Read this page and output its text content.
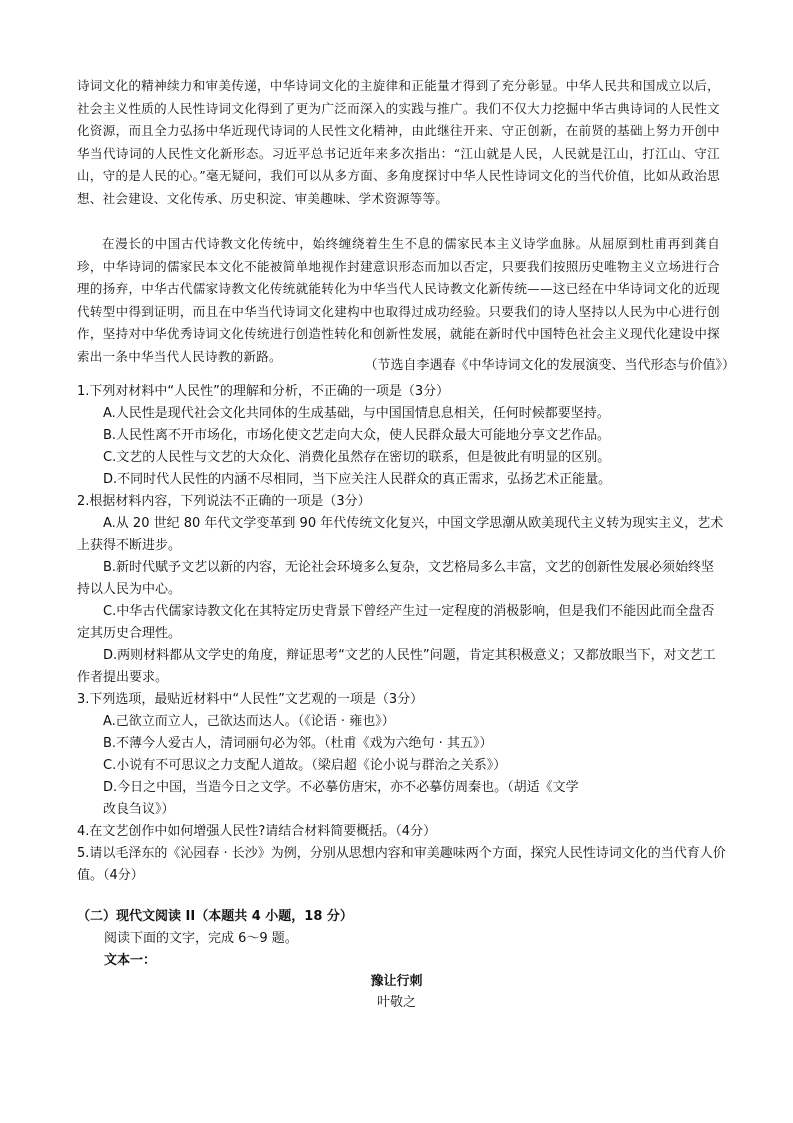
诗词文化的精神续力和审美传递，中华诗词文化的主旋律和正能量才得到了充分彰显。中华人民共和国成立以后，社会主义性质的人民性诗词文化得到了更为广泛而深入的实践与推广。我们不仅大力挖掘中华古典诗词的人民性文化资源，而且全力弘扬中华近现代诗词的人民性文化精神，由此继往开来、守正创新，在前贤的基础上努力开创中华当代诗词的人民性文化新形态。习近平总书记近年来多次指出：“江山就是人民，人民就是江山，打江山、守江山，守的是人民的心。”毫无疑问，我们可以从多方面、多角度探讨中华人民性诗词文化的当代价值，比如从政治思想、社会建设、文化传承、历史积淀、审美趣味、学术资源等等。

在漫长的中国古代诗教文化传统中，始终缠绕着生生不息的儒家民本主义诗学血脉。从屈原到杜甫再到龚自珍，中华诗词的儒家民本文化不能被简单地视作封建意识形态而加以否定，只要我们按照历史唯物主义立场进行合理的扬弃，中华古代儒家诗教文化传统就能转化为中华当代人民诗教文化新传统——这已经在中华诗词文化的近现代转型中得到证明，而且在中华当代诗词文化建构中也取得过成功经验。只要我们的诗人坚持以人民为中心进行创作，坚持对中华优秀诗词文化传统进行创造性转化和创新性发展，就能在新时代中国特色社会主义现代化建设中探索出一条中华当代人民诗教的新路。

（节选自李遇春《中华诗词文化的发展演变、当代形态与价值》）

1.下列对材料中“人民性”的理解和分析，不正确的一项是（3分）

A.人民性是现代社会文化共同体的生成基础，与中国国情息息相关，任何时候都要坚持。

B.人民性离不开市场化，市场化使文艺走向大众，使人民群众最大可能地分享文艺作品。

C.文艺的人民性与文艺的大众化、消费化虽然存在密切的联系，但是彼此有明显的区别。

D.不同时代人民性的内涵不尽相同，当下应关注人民群众的真正需求，弘扬艺术正能量。

2.根据材料内容，下列说法不正确的一项是（3分）

A.从 20 世纪 80 年代文学变革到 90 年代传统文化复兴，中国文学思潮从欧美现代主义转为现实主义，艺术上获得不断进步。

B.新时代赋予文艺以新的内容，无论社会环境多么复杂，文艺格局多么丰富，文艺的创新性发展必须始终坚持以人民为中心。

C.中华古代儒家诗教文化在其特定历史背景下曾经产生过一定程度的消极影响，但是我们不能因此而全盘否定其历史合理性。

D.两则材料都从文学史的角度，辩证思考“文艺的人民性”问题，肯定其积极意义；又都放眼当下，对文艺工作者提出要求。

3.下列选项，最贴近材料中“人民性”文艺观的一项是（3分）

A.己欲立而立人，己欲达而达人。（《论语 · 雍也》）

B.不薄今人爱古人，清词丽句必为邻。（杜甫《戏为六绝句 · 其五》）

C.小说有不可思议之力支配人道故。（梁启超《论小说与群治之关系》）

D.今日之中国，当造今日之文学。不必摹仿唐宋，亦不必摹仿周秦也。（胡适《文学改良刍议》）

4.在文艺创作中如何增强人民性?请结合材料简要概括。（4分）

5.请以毛泽东的《沁园春 · 长沙》为例，分别从思想内容和审美趣味两个方面，探究人民性诗词文化的当代育人价值。（4分）

（二）现代文阅读 II（本题共 4 小题，18 分）

阅读下面的文字，完成 6～9 题。

文本一：

豫让行刺

叶敬之
